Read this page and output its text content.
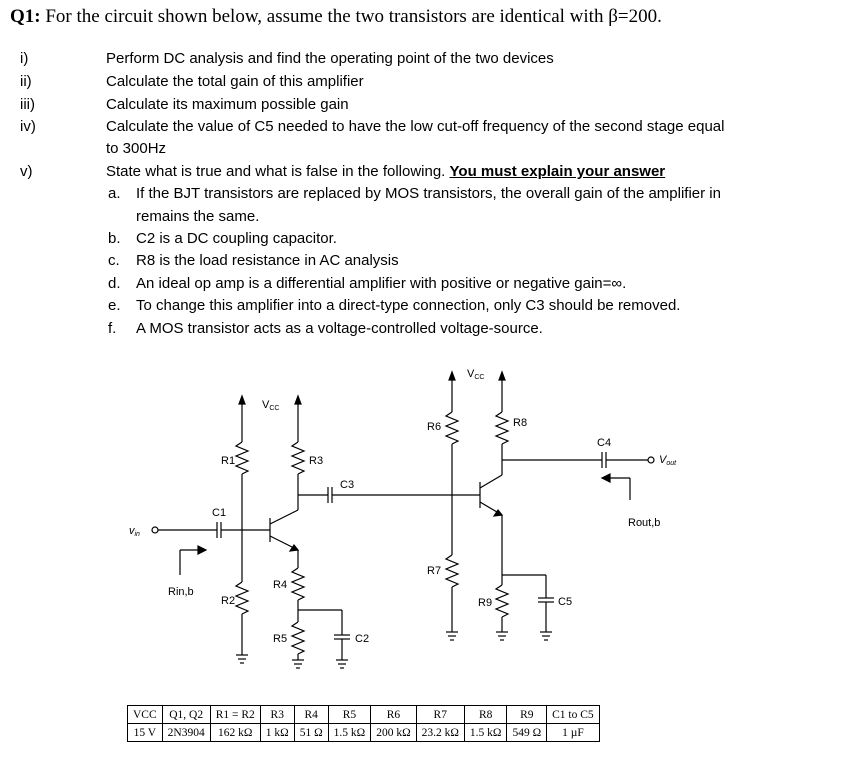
Q1: For the circuit shown below, assume the two transistors are identical with β=200.
i)	Perform DC analysis and find the operating point of the two devices
ii)	Calculate the total gain of this amplifier
iii)	Calculate its maximum possible gain
iv)	Calculate the value of C5 needed to have the low cut-off frequency of the second stage equal
to 300Hz
v)	State what is true and what is false in the following. You must explain your answer
a. If the BJT transistors are replaced by MOS transistors, the overall gain of the amplifier in
remains the same.
b. C2 is a DC coupling capacitor.
c. R8 is the load resistance in AC analysis
d. An ideal op amp is a differential amplifier with positive or negative gain=∞.
e. To change this amplifier into a direct-type connection, only C3 should be removed.
f. A MOS transistor acts as a voltage-controlled voltage-source.
VCC
VCC
vin
Vout
Rin,b
Rout,b
R1
R2
R3
R4
R5
R6
R7
R8
R9
C1
C2
C3
C4
C5
VCC	Q1, Q2	R1 = R2	R3	R4	R5	R6	R7	R8	R9	C1 to C5
15 V	2N3904	162 kΩ	1 kΩ	51 Ω	1.5 kΩ	200 kΩ	23.2 kΩ	1.5 kΩ	549 Ω	1 µF
